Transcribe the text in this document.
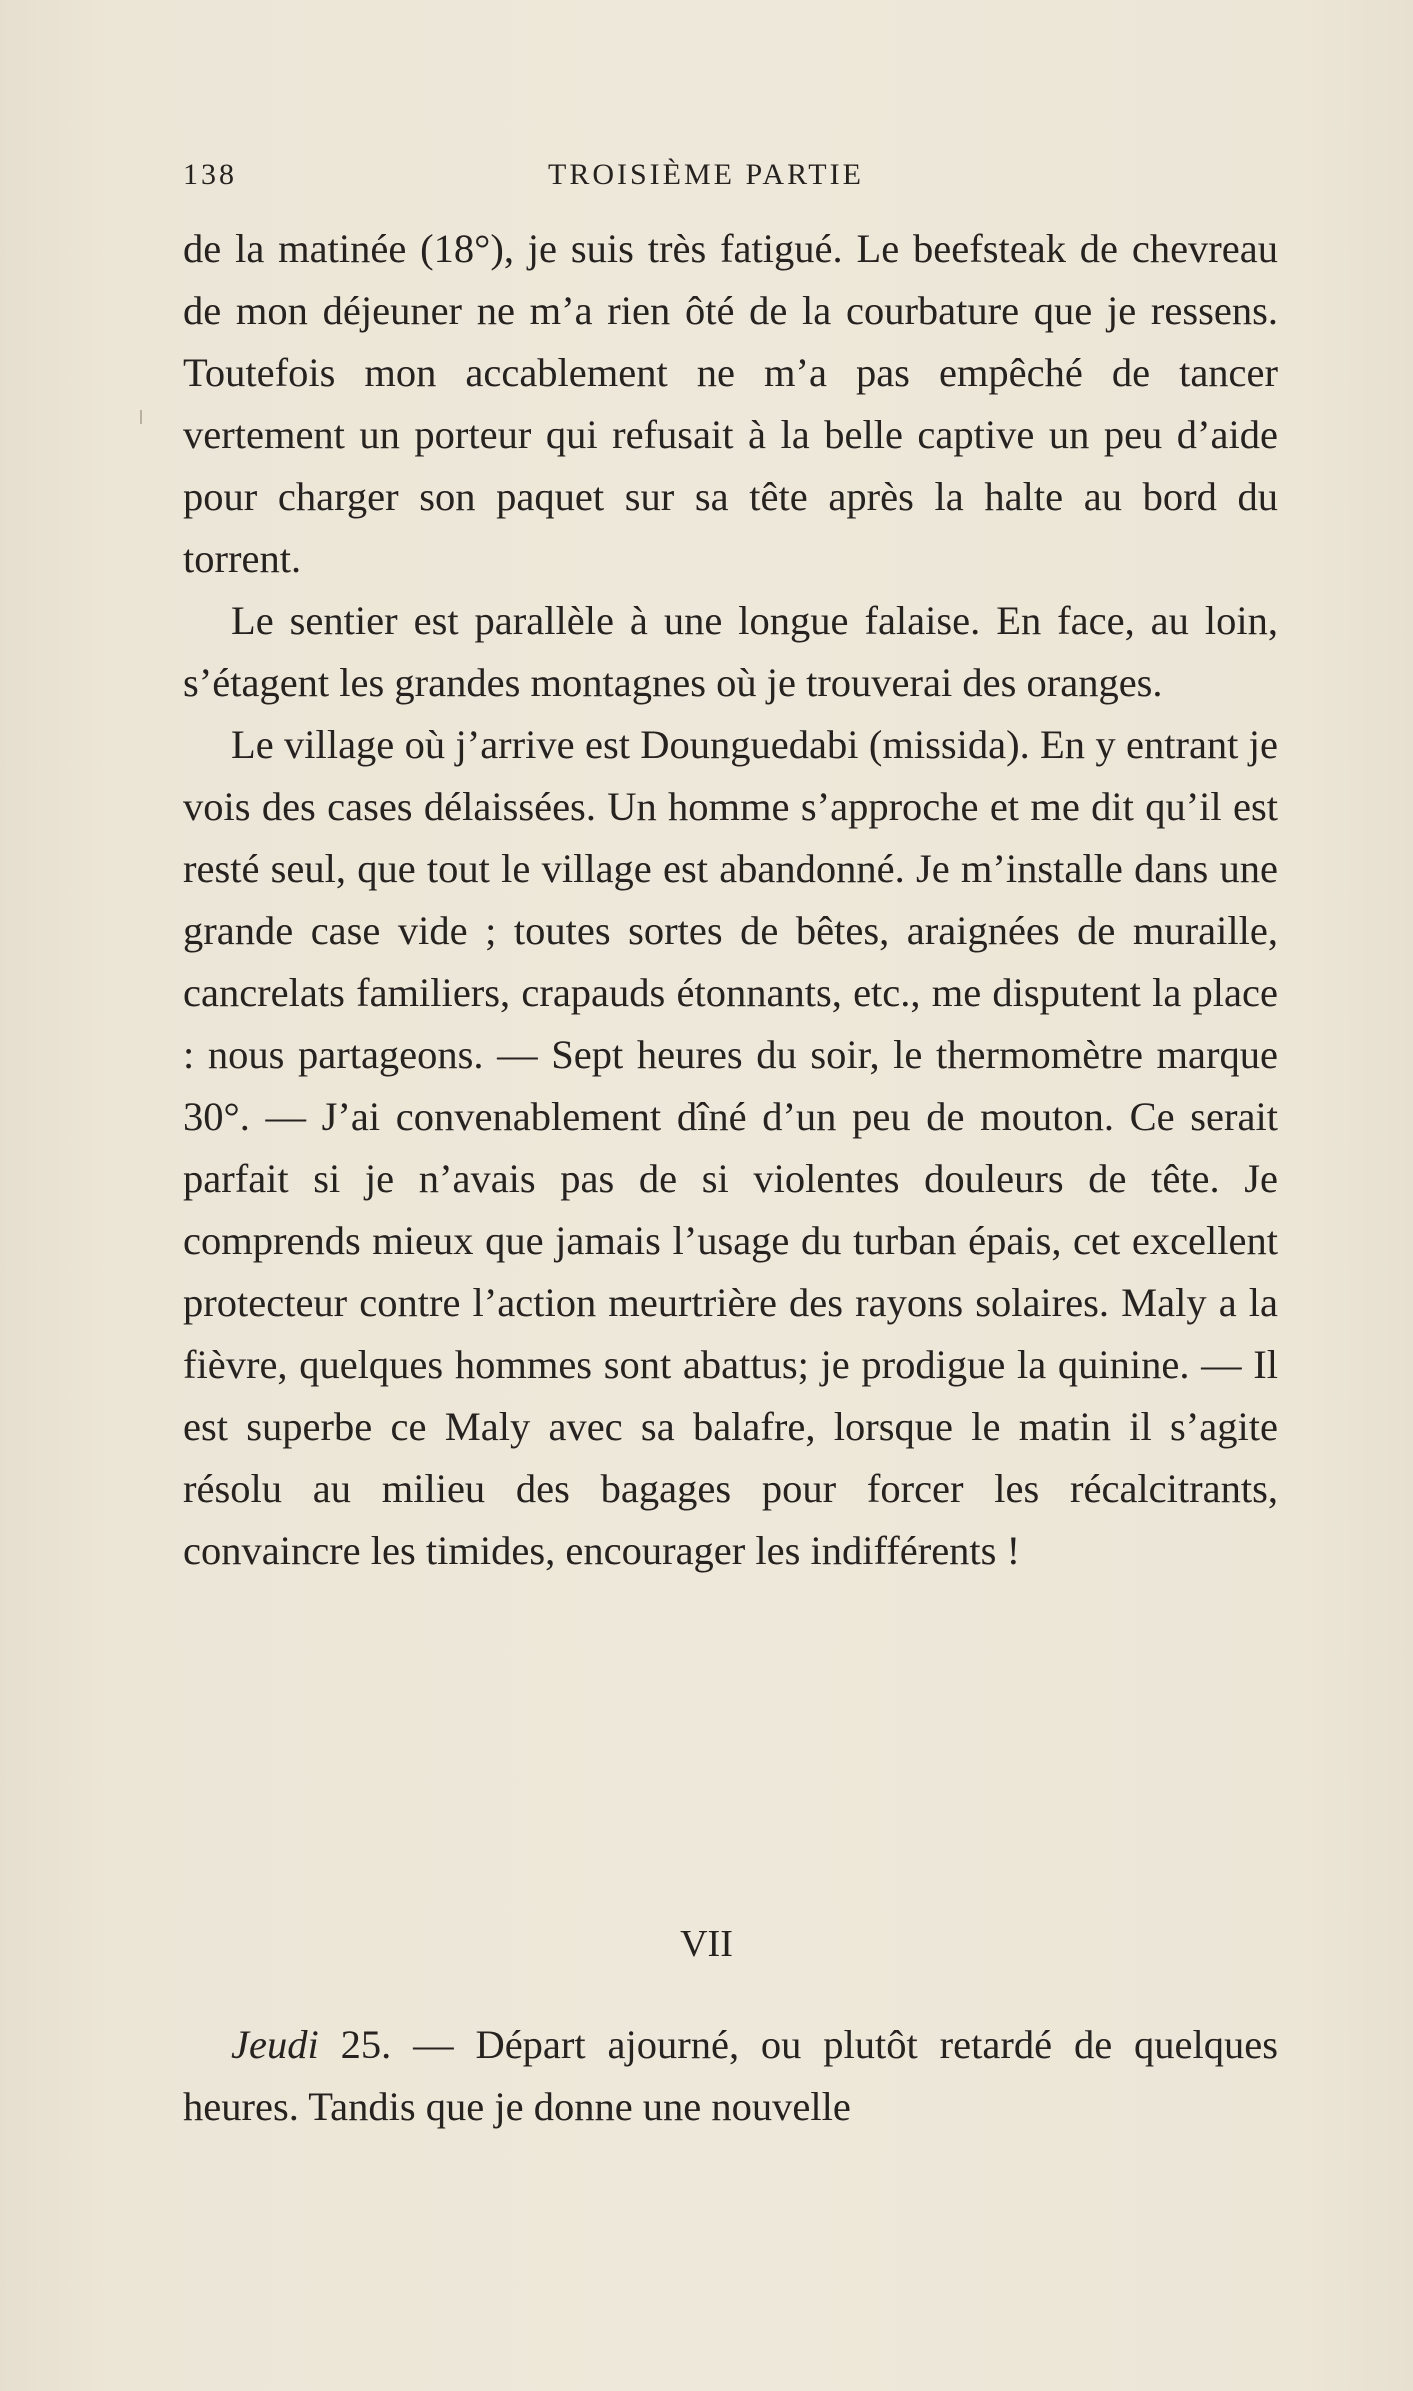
138	TROISIÈME PARTIE

de la matinée (18°), je suis très fatigué. Le beefsteak de chevreau de mon déjeuner ne m’a rien ôté de la courbature que je ressens. Toutefois mon accablement ne m’a pas empêché de tancer vertement un porteur qui refusait à la belle captive un peu d’aide pour charger son paquet sur sa tête après la halte au bord du torrent.

Le sentier est parallèle à une longue falaise. En face, au loin, s’étagent les grandes montagnes où je trouverai des oranges.

Le village où j’arrive est Dounguedabi (missida). En y entrant je vois des cases délaissées. Un homme s’approche et me dit qu’il est resté seul, que tout le village est abandonné. Je m’installe dans une grande case vide ; toutes sortes de bêtes, araignées de muraille, cancrelats familiers, crapauds étonnants, etc., me disputent la place : nous partageons. — Sept heures du soir, le thermomètre marque 30°. — J’ai convenablement dîné d’un peu de mouton. Ce serait parfait si je n’avais pas de si violentes douleurs de tête. Je comprends mieux que jamais l’usage du turban épais, cet excellent protecteur contre l’action meurtrière des rayons solaires. Maly a la fièvre, quelques hommes sont abattus; je prodigue la quinine. — Il est superbe ce Maly avec sa balafre, lorsque le matin il s’agite résolu au milieu des bagages pour forcer les récalcitrants, convaincre les timides, encourager les indifférents !

VII

Jeudi 25. — Départ ajourné, ou plutôt retardé de quelques heures. Tandis que je donne une nouvelle
